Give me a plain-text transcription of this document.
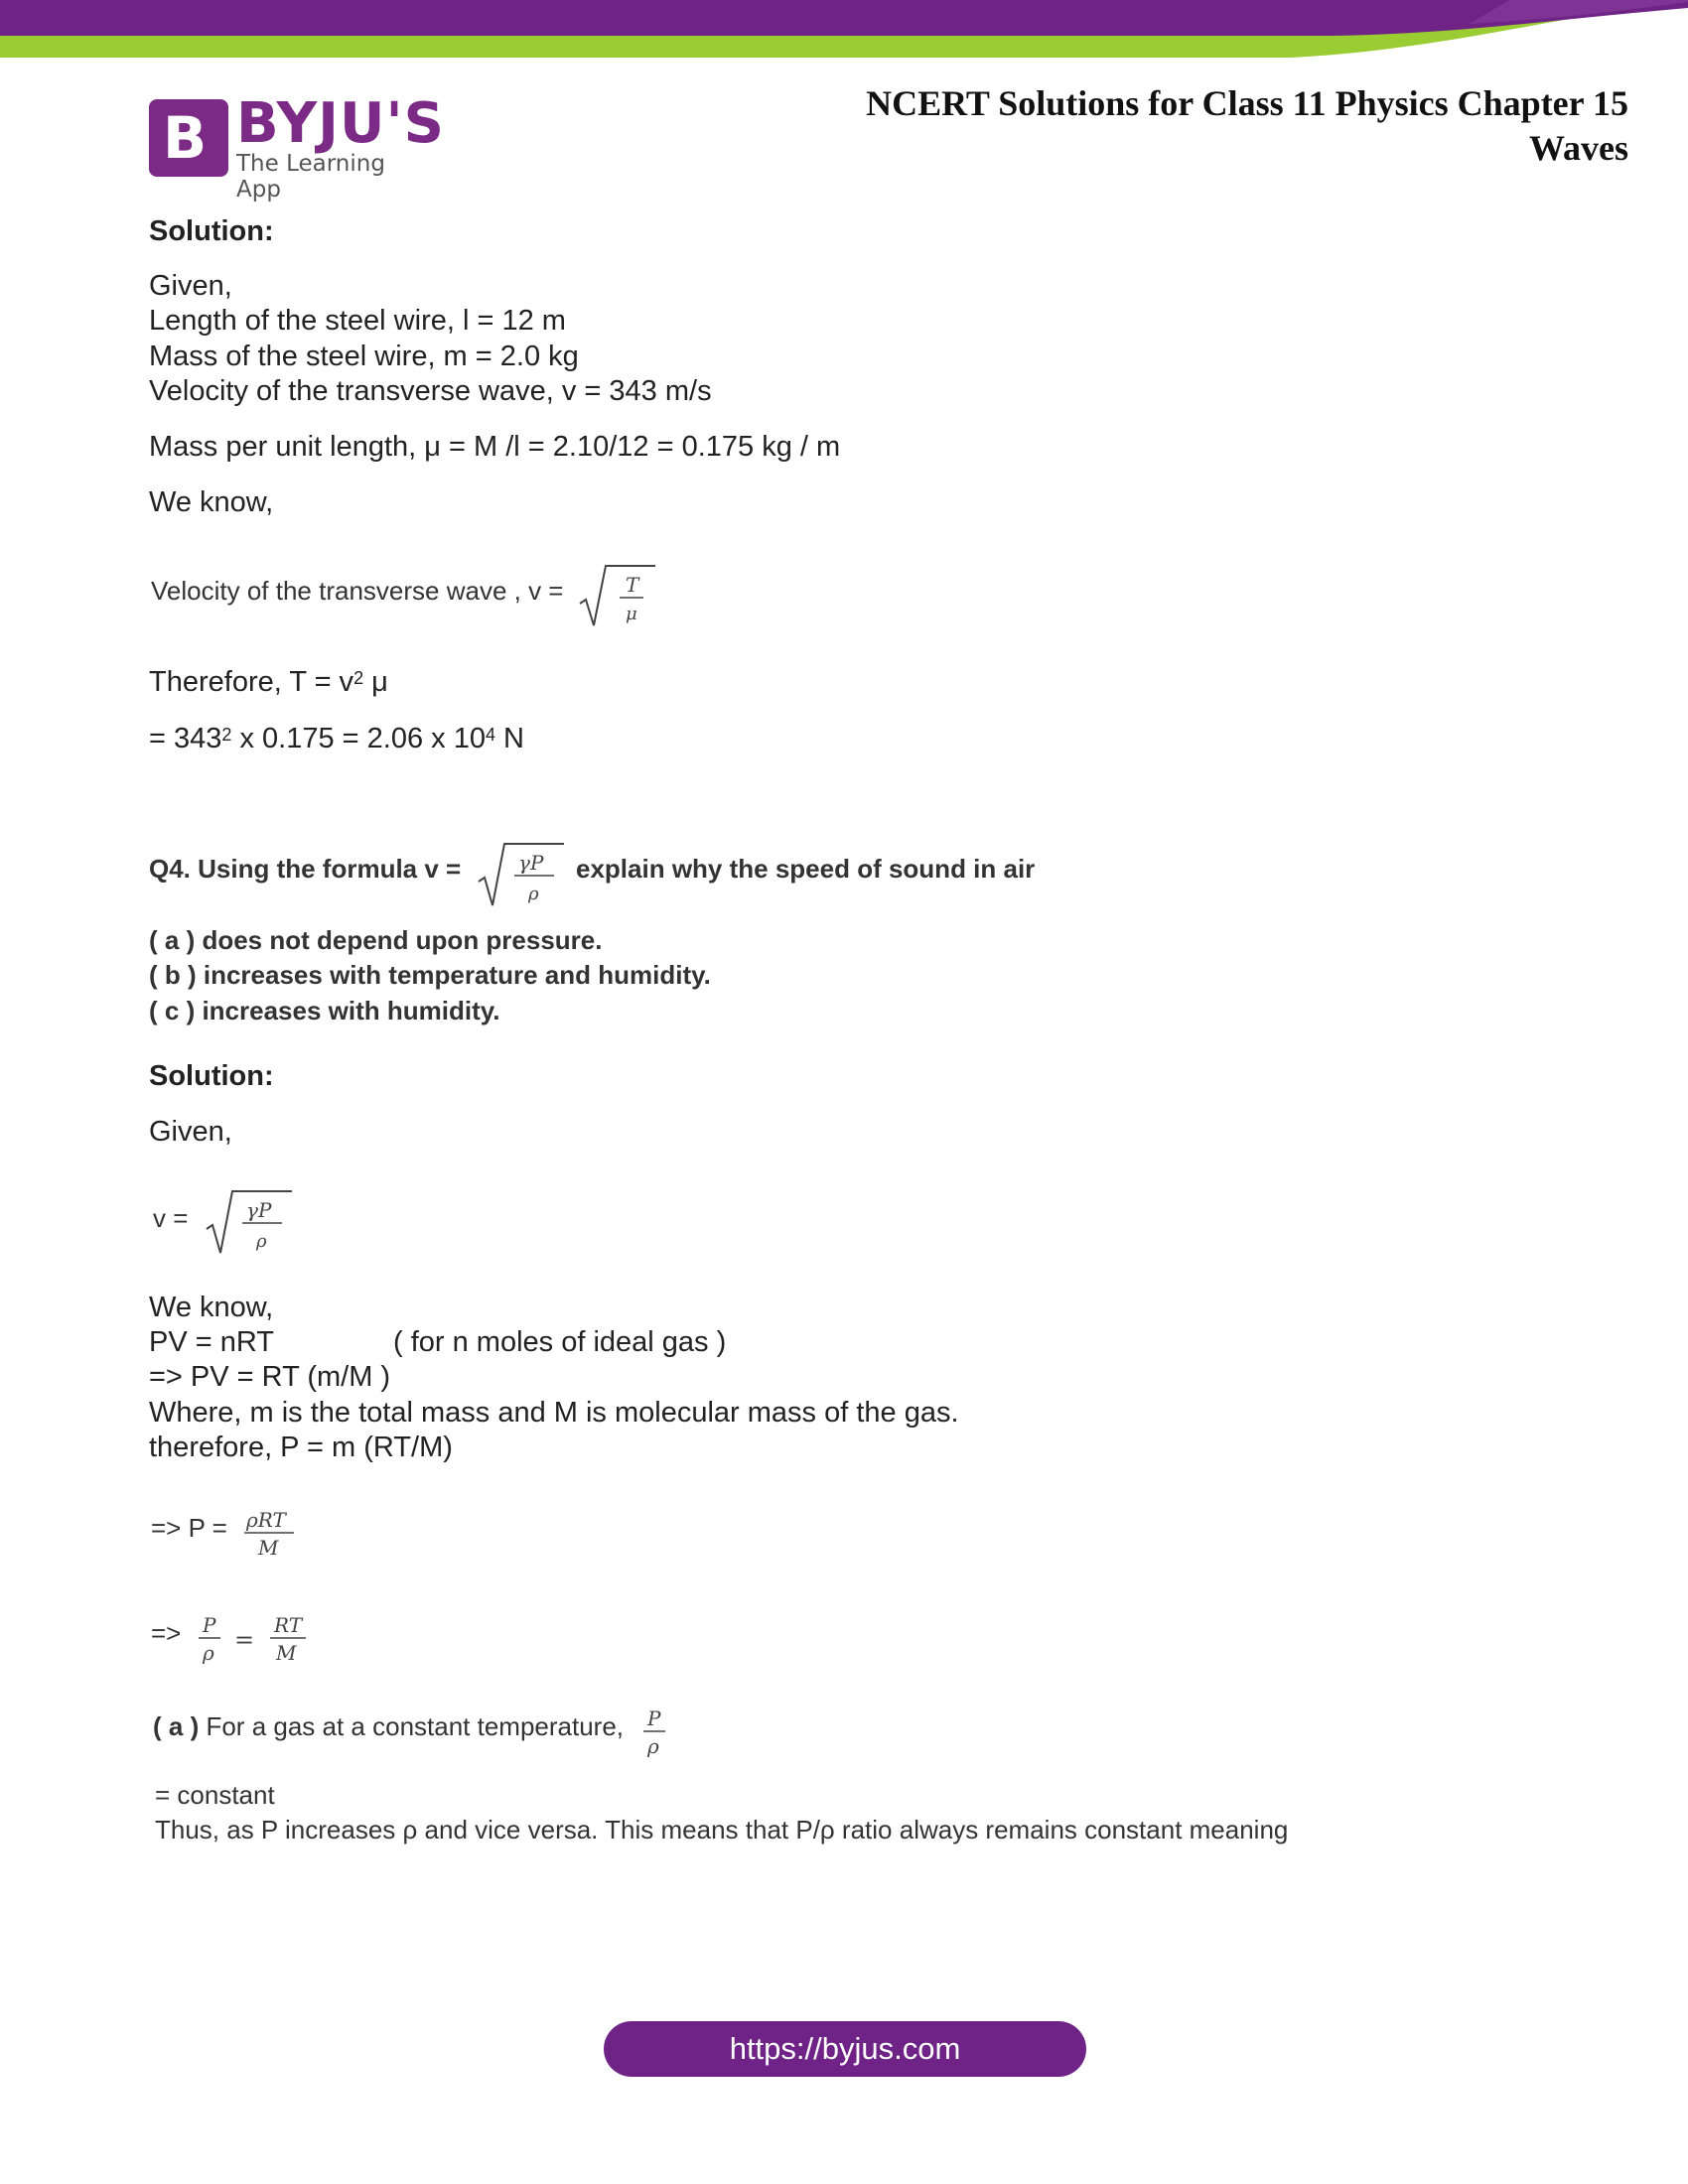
B BYJU'S
The Learning App
NCERT Solutions for Class 11 Physics Chapter 15
Waves
Solution:
Given,
Length of the steel wire, l = 12 m
Mass of the steel wire, m = 2.0 kg
Velocity of the transverse wave, v = 343 m/s
Mass per unit length, μ = M /l = 2.10/12 = 0.175 kg / m
We know,
Velocity of the transverse wave , v =	T
μ
Therefore, $T = v^2$ μ
= $343^2$ x 0.175 = 2.06 x $10^4$ N
Q4. Using the formula v =	γP
ρ
explain why the speed of sound in air
( a ) does not depend upon pressure.
( b ) increases with temperature and humidity.
( c ) increases with humidity.
Solution:
Given,
v =	γP
ρ
We know,
PV = nRT	( for n moles of ideal gas )
=> PV = RT (m/M )
Where, m is the total mass and M is molecular mass of the gas.
therefore, P = m (RT/M)
=> P = ρRT
M
=> P
ρ =
RT
M
( a ) For a gas at a constant temperature, P
ρ
= constant
Thus, as P increases ρ and vice versa. This means that P/ρ ratio always remains constant meaning
https://byjus.com
